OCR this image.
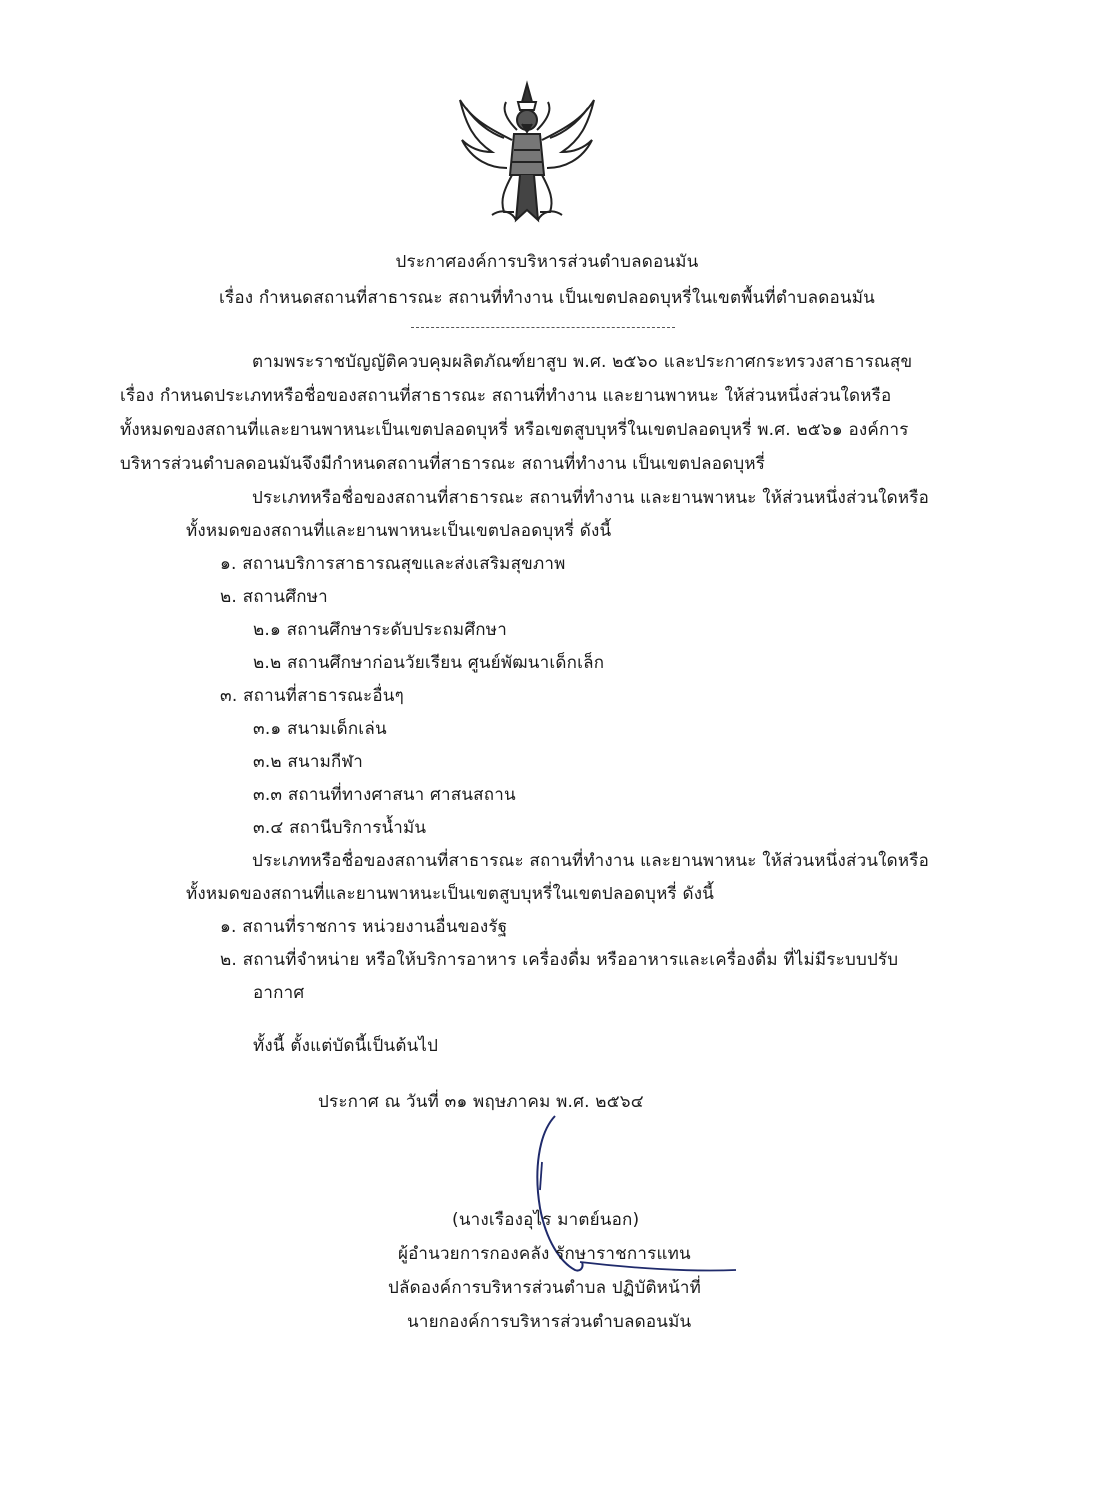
ประกาศองค์การบริหารส่วนตำบลดอนมัน
เรื่อง กำหนดสถานที่สาธารณะ สถานที่ทำงาน เป็นเขตปลอดบุหรี่ในเขตพื้นที่ตำบลดอนมัน
ตามพระราชบัญญัติควบคุมผลิตภัณฑ์ยาสูบ พ.ศ. ๒๕๖๐ และประกาศกระทรวงสาธารณสุข
เรื่อง กำหนดประเภทหรือชื่อของสถานที่สาธารณะ สถานที่ทำงาน และยานพาหนะ ให้ส่วนหนึ่งส่วนใดหรือ
ทั้งหมดของสถานที่และยานพาหนะเป็นเขตปลอดบุหรี่ หรือเขตสูบบุหรี่ในเขตปลอดบุหรี่ พ.ศ. ๒๕๖๑ องค์การ
บริหารส่วนตำบลดอนมันจึงมีกำหนดสถานที่สาธารณะ สถานที่ทำงาน เป็นเขตปลอดบุหรี่
ประเภทหรือชื่อของสถานที่สาธารณะ สถานที่ทำงาน และยานพาหนะ ให้ส่วนหนึ่งส่วนใดหรือ
ทั้งหมดของสถานที่และยานพาหนะเป็นเขตปลอดบุหรี่ ดังนี้
๑. สถานบริการสาธารณสุขและส่งเสริมสุขภาพ
๒. สถานศึกษา
๒.๑ สถานศึกษาระดับประถมศึกษา
๒.๒ สถานศึกษาก่อนวัยเรียน ศูนย์พัฒนาเด็กเล็ก
๓. สถานที่สาธารณะอื่นๆ
๓.๑ สนามเด็กเล่น
๓.๒ สนามกีฬา
๓.๓ สถานที่ทางศาสนา ศาสนสถาน
๓.๔ สถานีบริการน้ำมัน
ประเภทหรือชื่อของสถานที่สาธารณะ สถานที่ทำงาน และยานพาหนะ ให้ส่วนหนึ่งส่วนใดหรือ
ทั้งหมดของสถานที่และยานพาหนะเป็นเขตสูบบุหรี่ในเขตปลอดบุหรี่ ดังนี้
๑. สถานที่ราชการ หน่วยงานอื่นของรัฐ
๒. สถานที่จำหน่าย หรือให้บริการอาหาร เครื่องดื่ม หรืออาหารและเครื่องดื่ม ที่ไม่มีระบบปรับ
อากาศ
ทั้งนี้ ตั้งแต่บัดนี้เป็นต้นไป
ประกาศ ณ วันที่ ๓๑ พฤษภาคม พ.ศ. ๒๕๖๔
(นางเรืองอุไร มาตย์นอก)
ผู้อำนวยการกองคลัง รักษาราชการแทน
ปลัดองค์การบริหารส่วนตำบล ปฏิบัติหน้าที่
นายกองค์การบริหารส่วนตำบลดอนมัน
